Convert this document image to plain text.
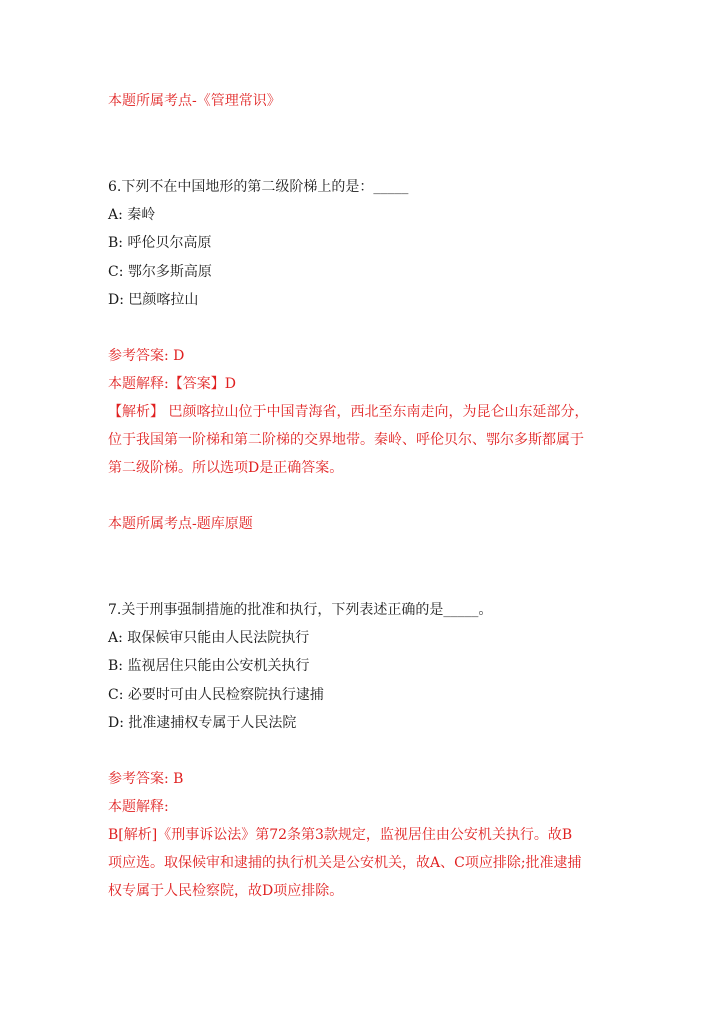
本题所属考点-《管理常识》
6.下列不在中国地形的第二级阶梯上的是：_____
A: 秦岭
B: 呼伦贝尔高原
C: 鄂尔多斯高原
D: 巴颜喀拉山
参考答案: D
本题解释:【答案】D
【解析】 巴颜喀拉山位于中国青海省，西北至东南走向，为昆仑山东延部分，
位于我国第一阶梯和第二阶梯的交界地带。秦岭、呼伦贝尔、鄂尔多斯都属于
第二级阶梯。所以选项D是正确答案。
本题所属考点-题库原题
7.关于刑事强制措施的批准和执行，下列表述正确的是_____。
A: 取保候审只能由人民法院执行
B: 监视居住只能由公安机关执行
C: 必要时可由人民检察院执行逮捕
D: 批准逮捕权专属于人民法院
参考答案: B
本题解释:
B[解析]《刑事诉讼法》第72条第3款规定，监视居住由公安机关执行。故B
项应选。取保候审和逮捕的执行机关是公安机关，故A、C项应排除;批准逮捕
权专属于人民检察院，故D项应排除。
